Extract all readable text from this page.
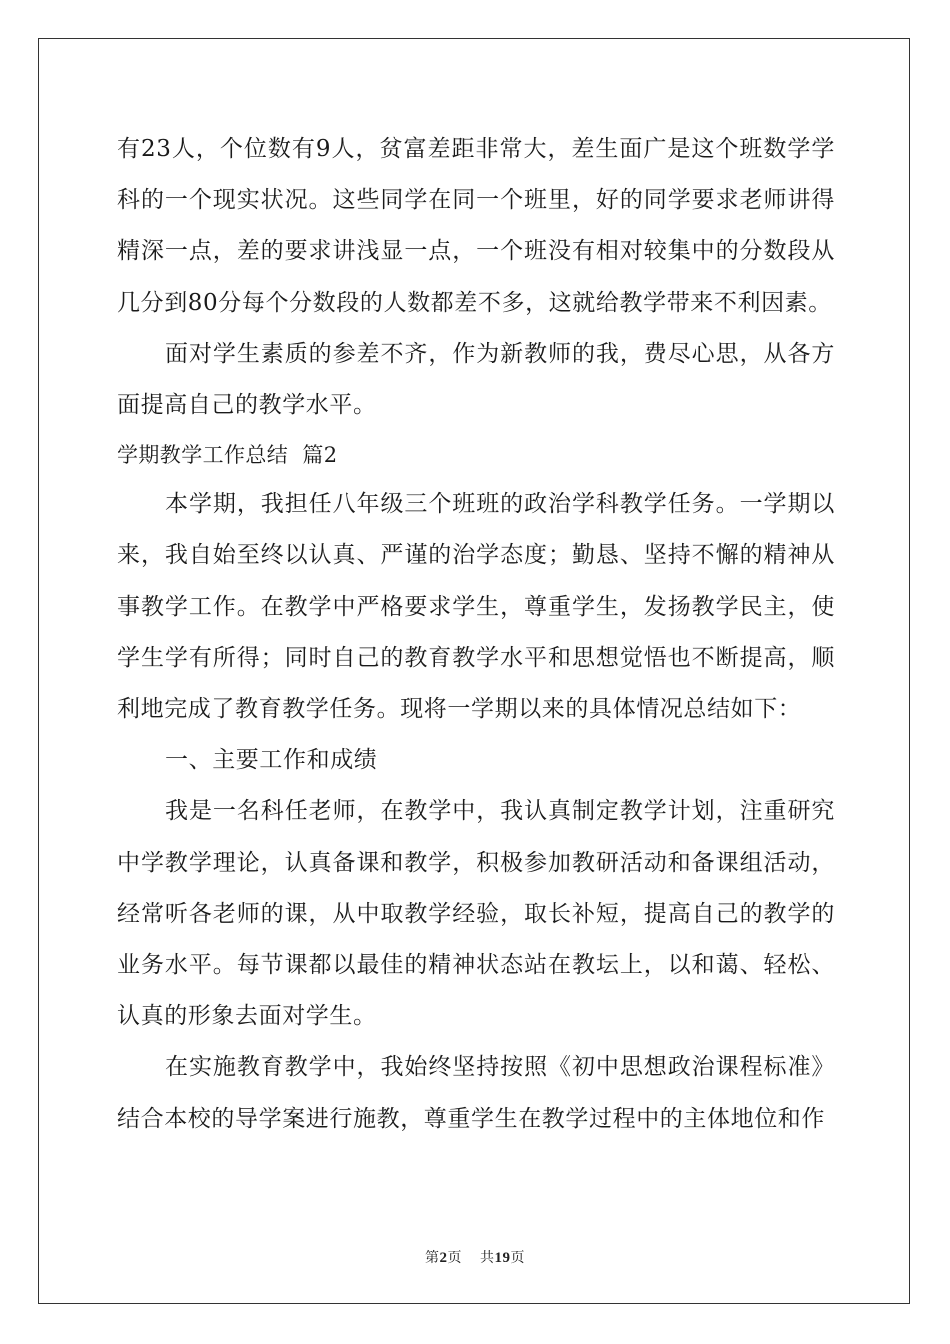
有23人，个位数有9人，贫富差距非常大，差生面广是这个班数学学科的一个现实状况。这些同学在同一个班里，好的同学要求老师讲得精深一点，差的要求讲浅显一点，一个班没有相对较集中的分数段从几分到80分每个分数段的人数都差不多，这就给教学带来不利因素。

面对学生素质的参差不齐，作为新教师的我，费尽心思，从各方面提高自己的教学水平。

学期教学工作总结  篇2

本学期，我担任八年级三个班班的政治学科教学任务。一学期以来，我自始至终以认真、严谨的治学态度；勤恳、坚持不懈的精神从事教学工作。在教学中严格要求学生，尊重学生，发扬教学民主，使学生学有所得；同时自己的教育教学水平和思想觉悟也不断提高，顺利地完成了教育教学任务。现将一学期以来的具体情况总结如下：

一、主要工作和成绩

我是一名科任老师，在教学中，我认真制定教学计划，注重研究中学教学理论，认真备课和教学，积极参加教研活动和备课组活动，经常听各老师的课，从中取教学经验，取长补短，提高自己的教学的业务水平。每节课都以最佳的精神状态站在教坛上，以和蔼、轻松、认真的形象去面对学生。

在实施教育教学中，我始终坚持按照《初中思想政治课程标准》结合本校的导学案进行施教，尊重学生在教学过程中的主体地位和作

第2页 共19页
